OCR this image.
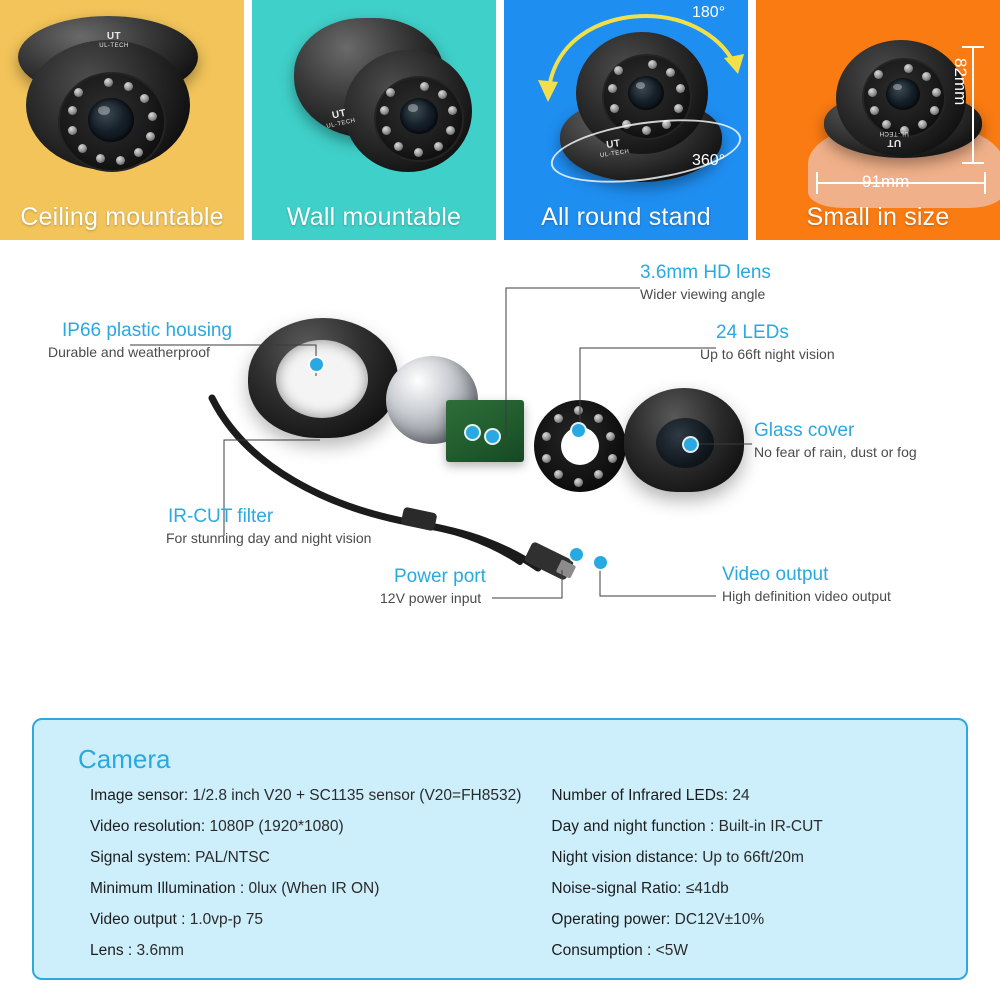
UT
UL-TECH
Ceiling mountable
UT
UL-TECH
Wall mountable
UT
UL-TECH
180°
360°
All round stand
UT
UL-TECH
82mm
91mm
Small in size
IP66 plastic housing
Durable and weatherproof
3.6mm HD lens
Wider viewing angle
24 LEDs
Up to 66ft night vision
Glass cover
No fear of rain, dust or fog
IR-CUT filter
For stunning day and night vision
Power port
12V power input
Video output
High definition video output
Camera
Image sensor: 1/2.8 inch V20 + SC1135 sensor (V20=FH8532)
Video resolution: 1080P (1920*1080)
Signal system: PAL/NTSC
Minimum Illumination : 0lux (When IR ON)
Video output : 1.0vp-p 75
Lens : 3.6mm
Number of Infrared LEDs: 24
Day and night function : Built-in IR-CUT
Night vision distance: Up to 66ft/20m
Noise-signal Ratio: ≤41db
Operating power: DC12V±10%
Consumption : <5W
